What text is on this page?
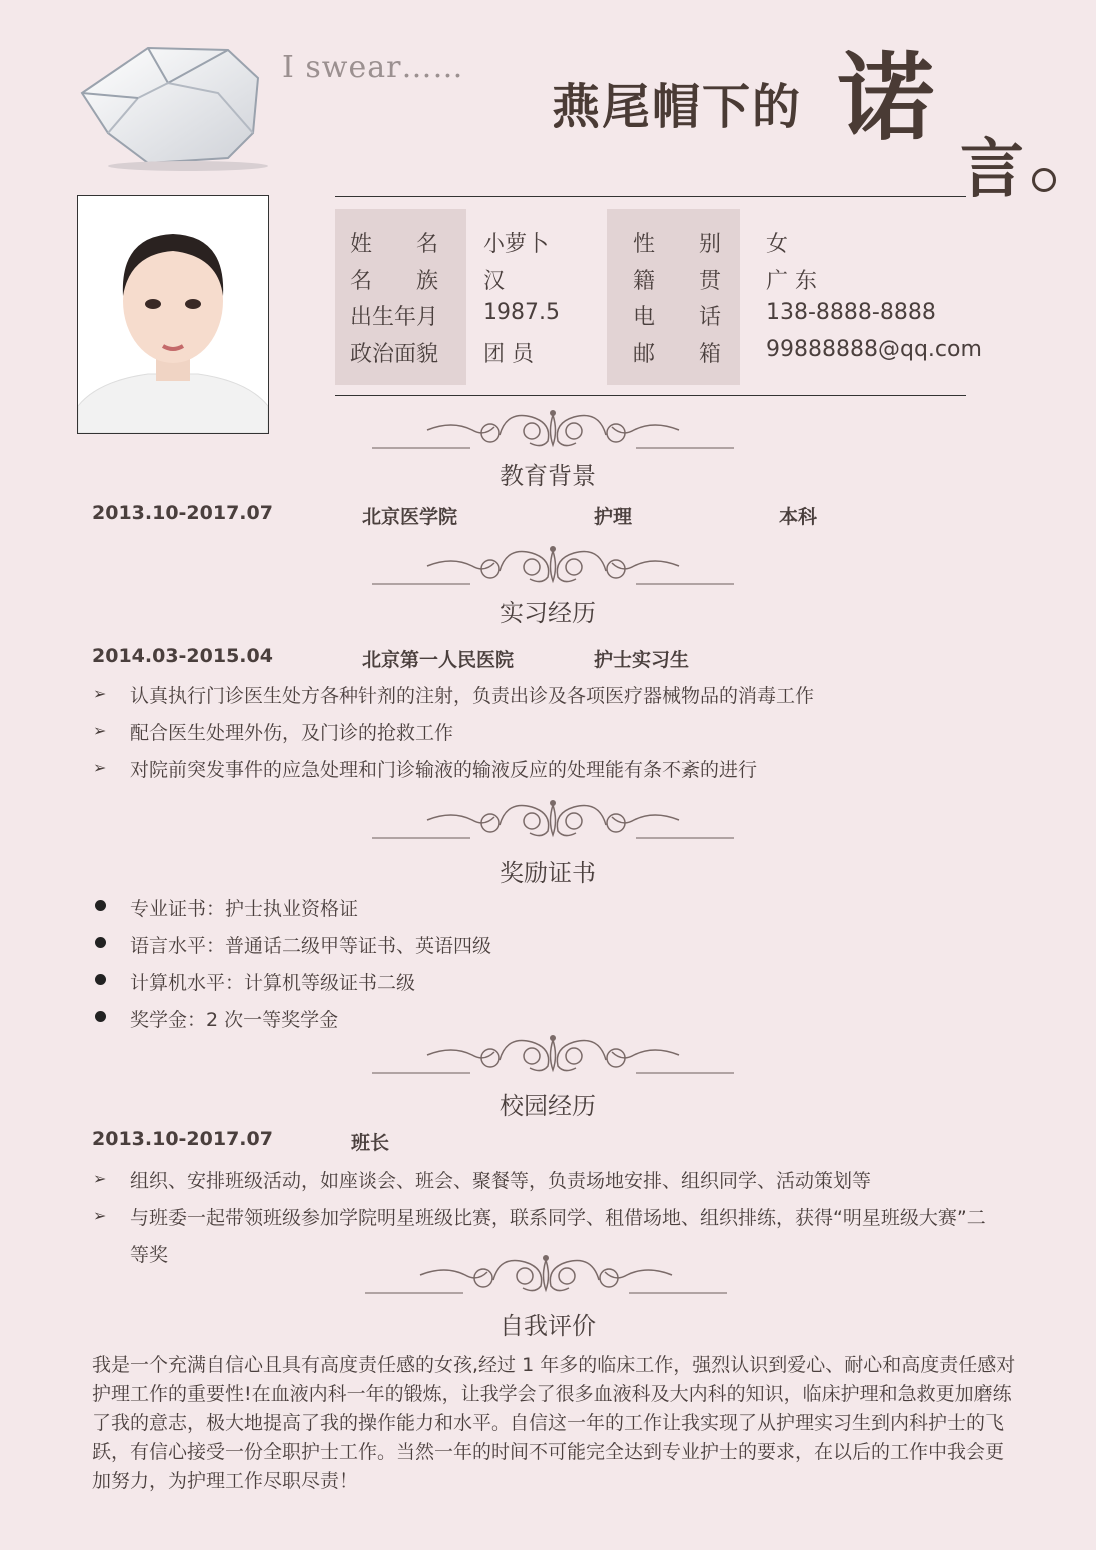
I swear……
燕尾帽下的 诺
言
姓　　名 小萝卜
名　　族 汉
出生年月 1987.5
政治面貌 团 员
性　　别 女
籍　　贯 广 东
电　　话 138-8888-8888
邮　　箱 99888888@qq.com
教育背景
2013.10-2017.07	北京医学院	护理	本科
实习经历
2014.03-2015.04	北京第一人民医院	护士实习生
➢ 认真执行门诊医生处方各种针剂的注射，负责出诊及各项医疗器械物品的消毒工作
➢ 配合医生处理外伤，及门诊的抢救工作
➢ 对院前突发事件的应急处理和门诊输液的输液反应的处理能有条不紊的进行
奖励证书
专业证书：护士执业资格证
语言水平：普通话二级甲等证书、英语四级
计算机水平：计算机等级证书二级
奖学金：2 次一等奖学金
校园经历
2013.10-2017.07	班长
➢ 组织、安排班级活动，如座谈会、班会、聚餐等，负责场地安排、组织同学、活动策划等
➢ 与班委一起带领班级参加学院明星班级比赛，联系同学、租借场地、组织排练，获得“明星班级大赛”二
等奖
自我评价
我是一个充满自信心且具有高度责任感的女孩,经过 1 年多的临床工作，强烈认识到爱心、耐心和高度责任感对
护理工作的重要性!在血液内科一年的锻炼，让我学会了很多血液科及大内科的知识，临床护理和急救更加磨练
了我的意志，极大地提高了我的操作能力和水平。自信这一年的工作让我实现了从护理实习生到内科护士的飞
跃，有信心接受一份全职护士工作。当然一年的时间不可能完全达到专业护士的要求，在以后的工作中我会更
加努力，为护理工作尽职尽责！
